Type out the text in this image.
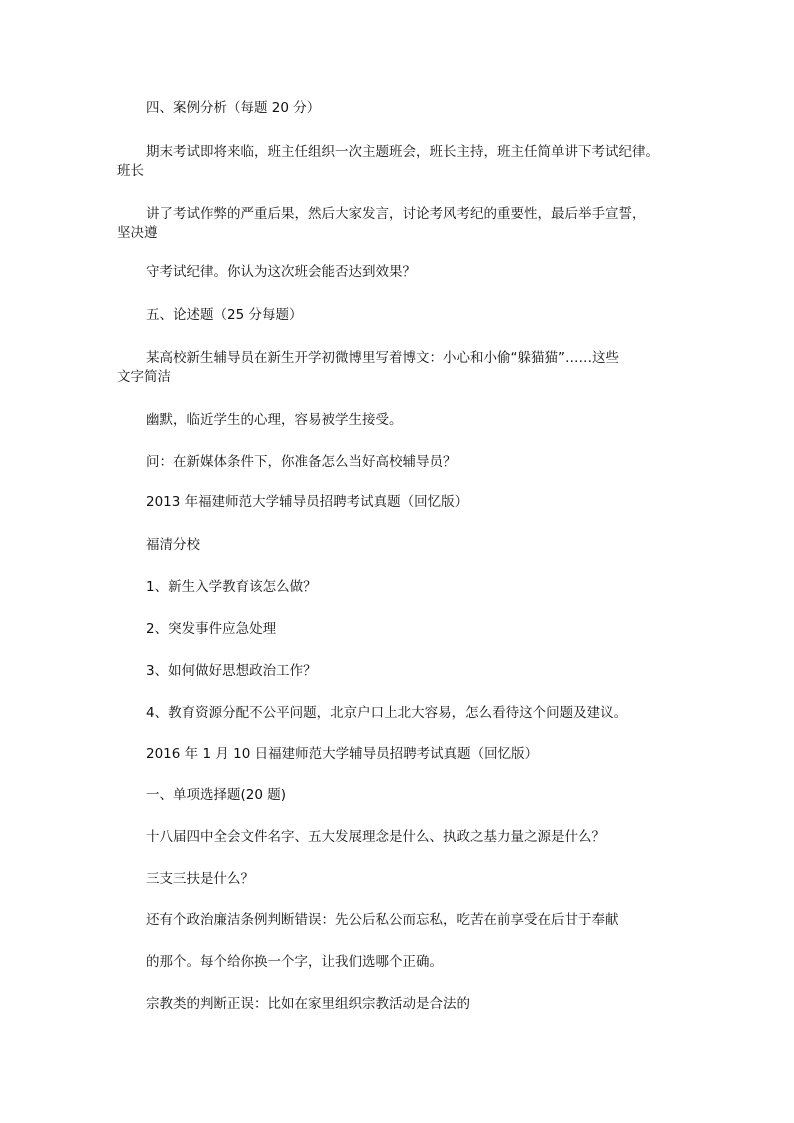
四、案例分析（每题 20 分）
期末考试即将来临，班主任组织一次主题班会，班长主持，班主任简单讲下考试纪律。
班长
讲了考试作弊的严重后果，然后大家发言，讨论考风考纪的重要性，最后举手宣誓，
坚决遵
守考试纪律。你认为这次班会能否达到效果？
五、论述题（25 分每题）
某高校新生辅导员在新生开学初微博里写着博文：小心和小偷“躲猫猫”……这些
文字简洁
幽默，临近学生的心理，容易被学生接受。
问：在新媒体条件下，你准备怎么当好高校辅导员？
2013 年福建师范大学辅导员招聘考试真题（回忆版）
福清分校
1、新生入学教育该怎么做？
2、突发事件应急处理
3、如何做好思想政治工作？
4、教育资源分配不公平问题，北京户口上北大容易，怎么看待这个问题及建议。
2016 年 1 月 10 日福建师范大学辅导员招聘考试真题（回忆版）
一、单项选择题(20 题)
十八届四中全会文件名字、五大发展理念是什么、执政之基力量之源是什么？
三支三扶是什么？
还有个政治廉洁条例判断错误：先公后私公而忘私，吃苦在前享受在后甘于奉献
的那个。每个给你换一个字，让我们选哪个正确。
宗教类的判断正误：比如在家里组织宗教活动是合法的
